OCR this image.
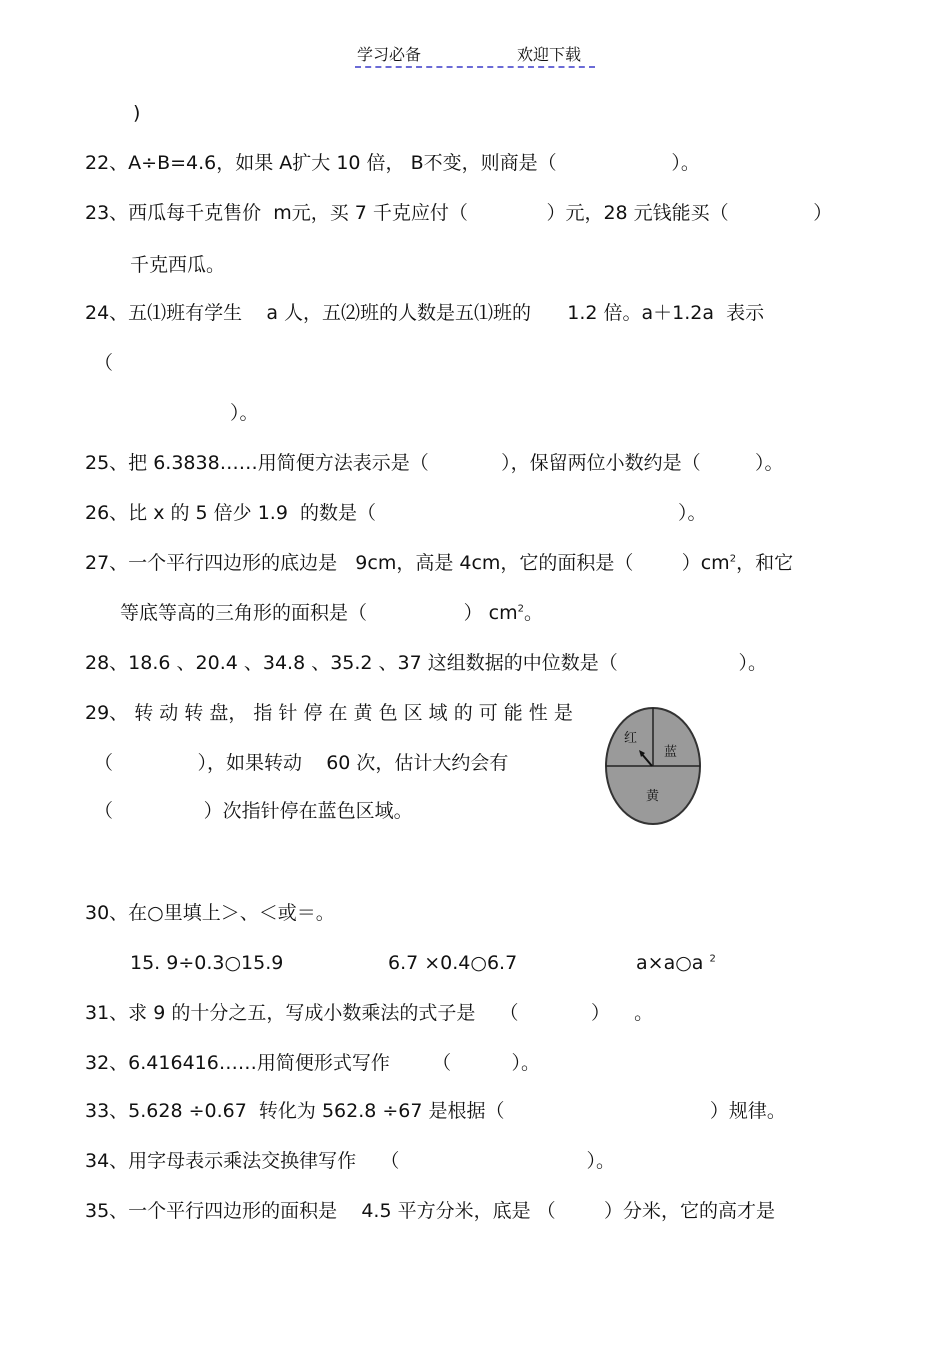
学习必备	欢迎下载
)
22、A÷B=4.6，如果 A扩大 10 倍， B不变，则商是（                   ）。
23、西瓜每千克售价  m元，买 7 千克应付（             ）元，28 元钱能买（              ）
千克西瓜。
24、五⑴班有学生    a 人，五⑵班的人数是五⑴班的      1.2 倍。a＋1.2a  表示
（
）。
25、把 6.3838……用简便方法表示是（            ），保留两位小数约是（         ）。
26、比 x 的 5 倍少 1.9  的数是（                                                  ）。
27、一个平行四边形的底边是   9cm，高是 4cm，它的面积是（        ）$cm^2$，和它
等底等高的三角形的面积是（                ） $cm^2$。
28、18.6 、20.4 、34.8 、35.2 、37 这组数据的中位数是（                    ）。
29、 转 动 转 盘， 指 针 停 在 黄 色 区 域 的 可 能 性 是
（              ），如果转动    60 次，估计大约会有
（               ）次指针停在蓝色区域。
红
蓝
黄
30、在○里填上＞、＜或＝。
15. 9÷0.3○15.9	6.7 ×0.4○6.7	a×a○a $^2$
31、求 9 的十分之五，写成小数乘法的式子是    （            ）    。
32、6.416416……用简便形式写作       （          ）。
33、5.628 ÷0.67  转化为 562.8 ÷67 是根据（                                  ）规律。
34、用字母表示乘法交换律写作    （                               ）。
35、一个平行四边形的面积是    4.5 平方分米，底是 （        ）分米，它的高才是
